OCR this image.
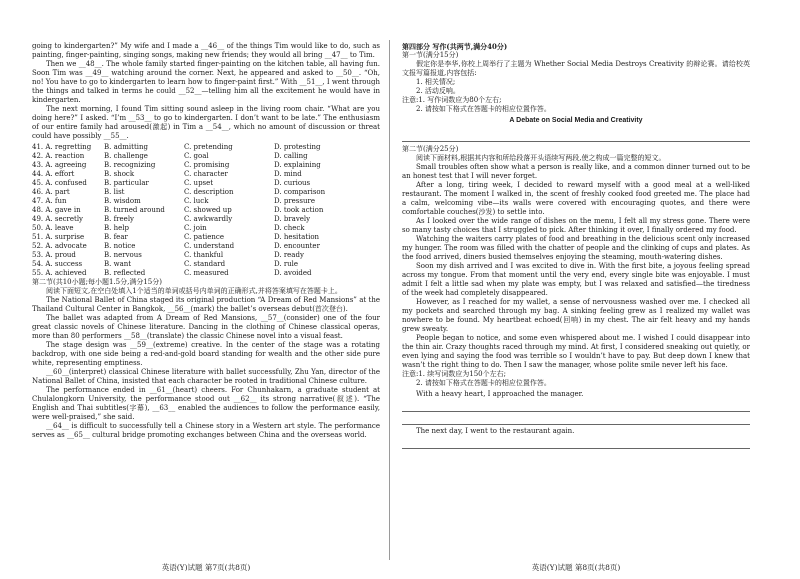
going to kindergarten?” My wife and I made a __46__ of the things Tim would like to do, such as painting, finger-painting, singing songs, making new friends; they would all bring __47__ to Tim.

Then we __48__. The whole family started finger-painting on the kitchen table, all having fun. Soon Tim was __49__ watching around the corner. Next, he appeared and asked to __50__. “Oh, no! You have to go to kindergarten to learn how to finger-paint first.” With __51__, I went through the things and talked in terms he could __52__—telling him all the excitement he would have in kindergarten.

The next morning, I found Tim sitting sound asleep in the living room chair. “What are you doing here?” I asked. “I’m __53__ to go to kindergarten. I don’t want to be late.” The enthusiasm of our entire family had aroused(激起) in Tim a __54__, which no amount of discussion or threat could have possibly __55__.

41. A. regretting	B. admitting	C. pretending	D. protesting
42. A. reaction	B. challenge	C. goal	D. calling
43. A. agreeing	B. recognizing	C. promising	D. explaining
44. A. effort	B. shock	C. character	D. mind
45. A. confused	B. particular	C. upset	D. curious
46. A. part	B. list	C. description	D. comparison
47. A. fun	B. wisdom	C. luck	D. pressure
48. A. gave in	B. turned around	C. showed up	D. took action
49. A. secretly	B. freely	C. awkwardly	D. bravely
50. A. leave	B. help	C. join	D. check
51. A. surprise	B. fear	C. patience	D. hesitation
52. A. advocate	B. notice	C. understand	D. encounter
53. A. proud	B. nervous	C. thankful	D. ready
54. A. success	B. want	C. standard	D. rule
55. A. achieved	B. reflected	C. measured	D. avoided

第二节(共10小题;每小题1.5分,满分15分)

阅读下面短文,在空白处填入1个适当的单词或括号内单词的正确形式,并将答案填写在答题卡上。

The National Ballet of China staged its original production “A Dream of Red Mansions” at the Thailand Cultural Center in Bangkok, __56__(mark) the ballet’s overseas debut(首次登台).

The ballet was adapted from A Dream of Red Mansions, __57__(consider) one of the four great classic novels of Chinese literature. Dancing in the clothing of Chinese classical operas, more than 80 performers __58__(translate) the classic Chinese novel into a visual feast.

The stage design was __59__(extreme) creative. In the center of the stage was a rotating backdrop, with one side being a red-and-gold board standing for wealth and the other side pure white, representing emptiness.

__60__(interpret) classical Chinese literature with ballet successfully, Zhu Yan, director of the National Ballet of China, insisted that each character be rooted in traditional Chinese culture.

The performance ended in __61__(heart) cheers. For Chunhakarn, a graduate student at Chulalongkorn University, the performance stood out __62__ its strong narrative(叙述). “The English and Thai subtitles(字幕), __63__ enabled the audiences to follow the performance easily, were well-praised,” she said.

__64__ is difficult to successfully tell a Chinese story in a Western art style. The performance serves as __65__ cultural bridge promoting exchanges between China and the overseas world.

第四部分 写作(共两节,满分40分)

第一节(满分15分)

假定你是李华,你校上周举行了主题为 Whether Social Media Destroys Creativity 的辩论赛。请给校英文报写篇报道,内容包括:

1. 相关情况;

2. 活动反响。

注意:1. 写作词数应为80个左右;

2. 请按如下格式在答题卡的相应位置作答。

A Debate on Social Media and Creativity

第二节(满分25分)

阅读下面材料,根据其内容和所给段落开头语续写两段,使之构成一篇完整的短文。

Small troubles often show what a person is really like, and a common dinner turned out to be an honest test that I will never forget.

After a long, tiring week, I decided to reward myself with a good meal at a well-liked restaurant. The moment I walked in, the scent of freshly cooked food greeted me. The place had a calm, welcoming vibe—its walls were covered with encouraging quotes, and there were comfortable couches(沙发) to settle into.

As I looked over the wide range of dishes on the menu, I felt all my stress gone. There were so many tasty choices that I struggled to pick. After thinking it over, I finally ordered my food.

Watching the waiters carry plates of food and breathing in the delicious scent only increased my hunger. The room was filled with the chatter of people and the clinking of cups and plates. As the food arrived, diners busied themselves enjoying the steaming, mouth-watering dishes.

Soon my dish arrived and I was excited to dive in. With the first bite, a joyous feeling spread across my tongue. From that moment until the very end, every single bite was enjoyable. I must admit I felt a little sad when my plate was empty, but I was relaxed and satisfied—the tiredness of the week had completely disappeared.

However, as I reached for my wallet, a sense of nervousness washed over me. I checked all my pockets and searched through my bag. A sinking feeling grew as I realized my wallet was nowhere to be found. My heartbeat echoed(回响) in my chest. The air felt heavy and my hands grew sweaty.

People began to notice, and some even whispered about me. I wished I could disappear into the thin air. Crazy thoughts raced through my mind. At first, I considered sneaking out quietly, or even lying and saying the food was terrible so I wouldn’t have to pay. But deep down I knew that wasn’t the right thing to do. Then I saw the manager, whose polite smile never left his face.

注意:1. 续写词数应为150个左右;

2. 请按如下格式在答题卡的相应位置作答。

With a heavy heart, I approached the manager.

The next day, I went to the restaurant again.

英语(Y)试题 第7页(共8页)	英语(Y)试题 第8页(共8页)
